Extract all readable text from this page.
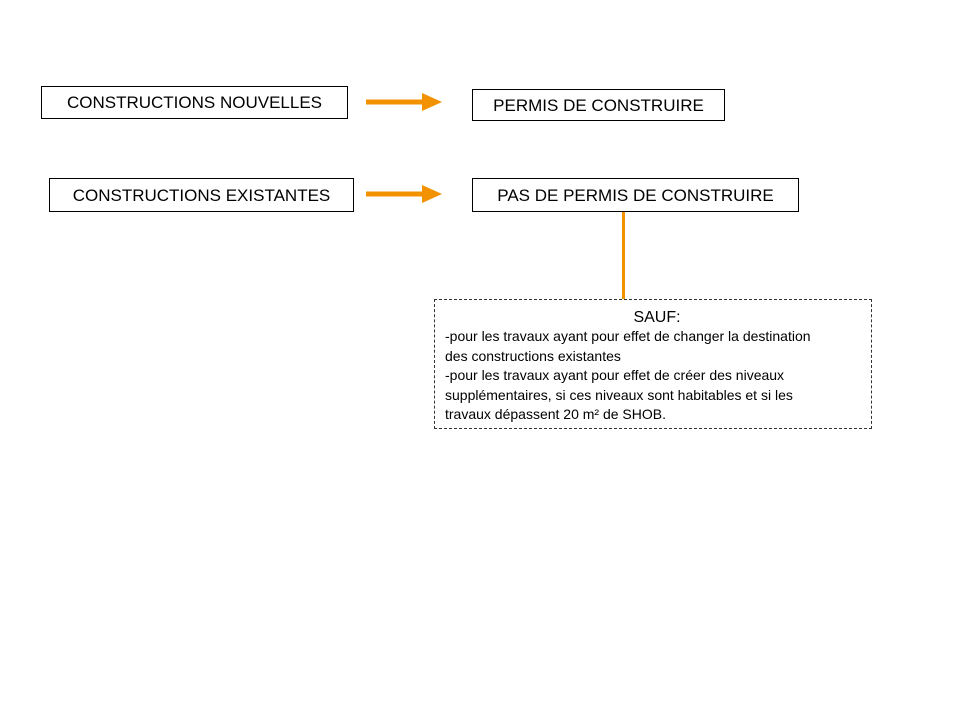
CONSTRUCTIONS NOUVELLES	PERMIS DE CONSTRUIRE
CONSTRUCTIONS EXISTANTES	PAS DE PERMIS DE CONSTRUIRE
SAUF:
-pour les travaux ayant pour effet de changer la destination
des constructions existantes
-pour les travaux ayant pour effet de créer des niveaux
supplémentaires, si ces niveaux sont habitables et si les
travaux dépassent 20 m² de SHOB.
